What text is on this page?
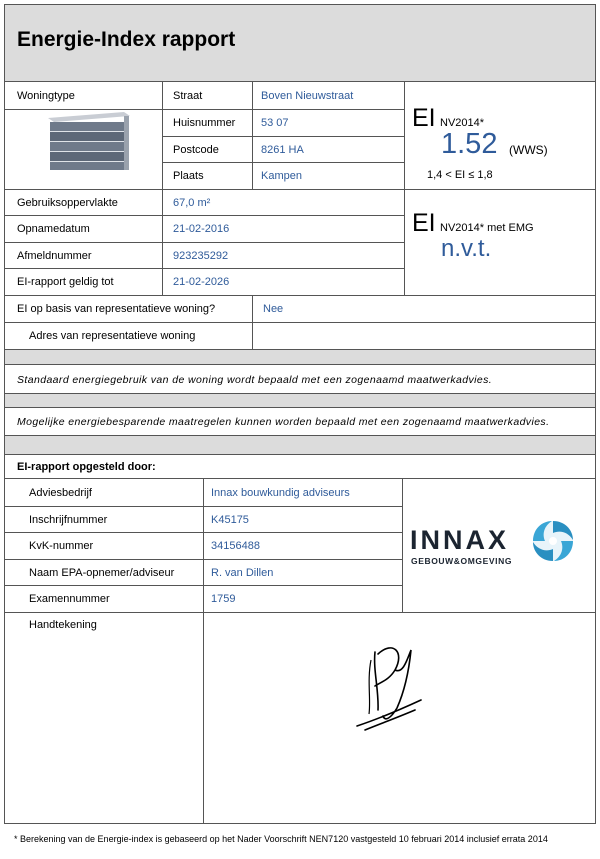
Energie-Index rapport
Woningtype	Straat	Boven Nieuwstraat
Huisnummer 53 07
Postcode	8261 HA
Plaats	Kampen
EI NV2014*
1.52 (WWS)
1,4 < EI ≤ 1,8
EI NV2014* met EMG
n.v.t.
Gebruiksoppervlakte	67,0 m²
Opnamedatum	21-02-2016
Afmeldnummer	923235292
EI-rapport geldig tot	21-02-2026
EI op basis van representatieve woning?	Nee
Adres van representatieve woning
Standaard energiegebruik van de woning wordt bepaald met een zogenaamd maatwerkadvies.
Mogelijke energiebesparende maatregelen kunnen worden bepaald met een zogenaamd maatwerkadvies.
EI-rapport opgesteld door:
Adviesbedrijf	Innax bouwkundig adviseurs
Inschrijfnummer	K45175
KvK-nummer	34156488
Naam EPA-opnemer/adviseur	R. van Dillen
Examennummer	1759
Handtekening
INNAX
GEBOUW&OMGEVING
* Berekening van de Energie-index is gebaseerd op het Nader Voorschrift NEN7120 vastgesteld 10 februari 2014 inclusief errata 2014
